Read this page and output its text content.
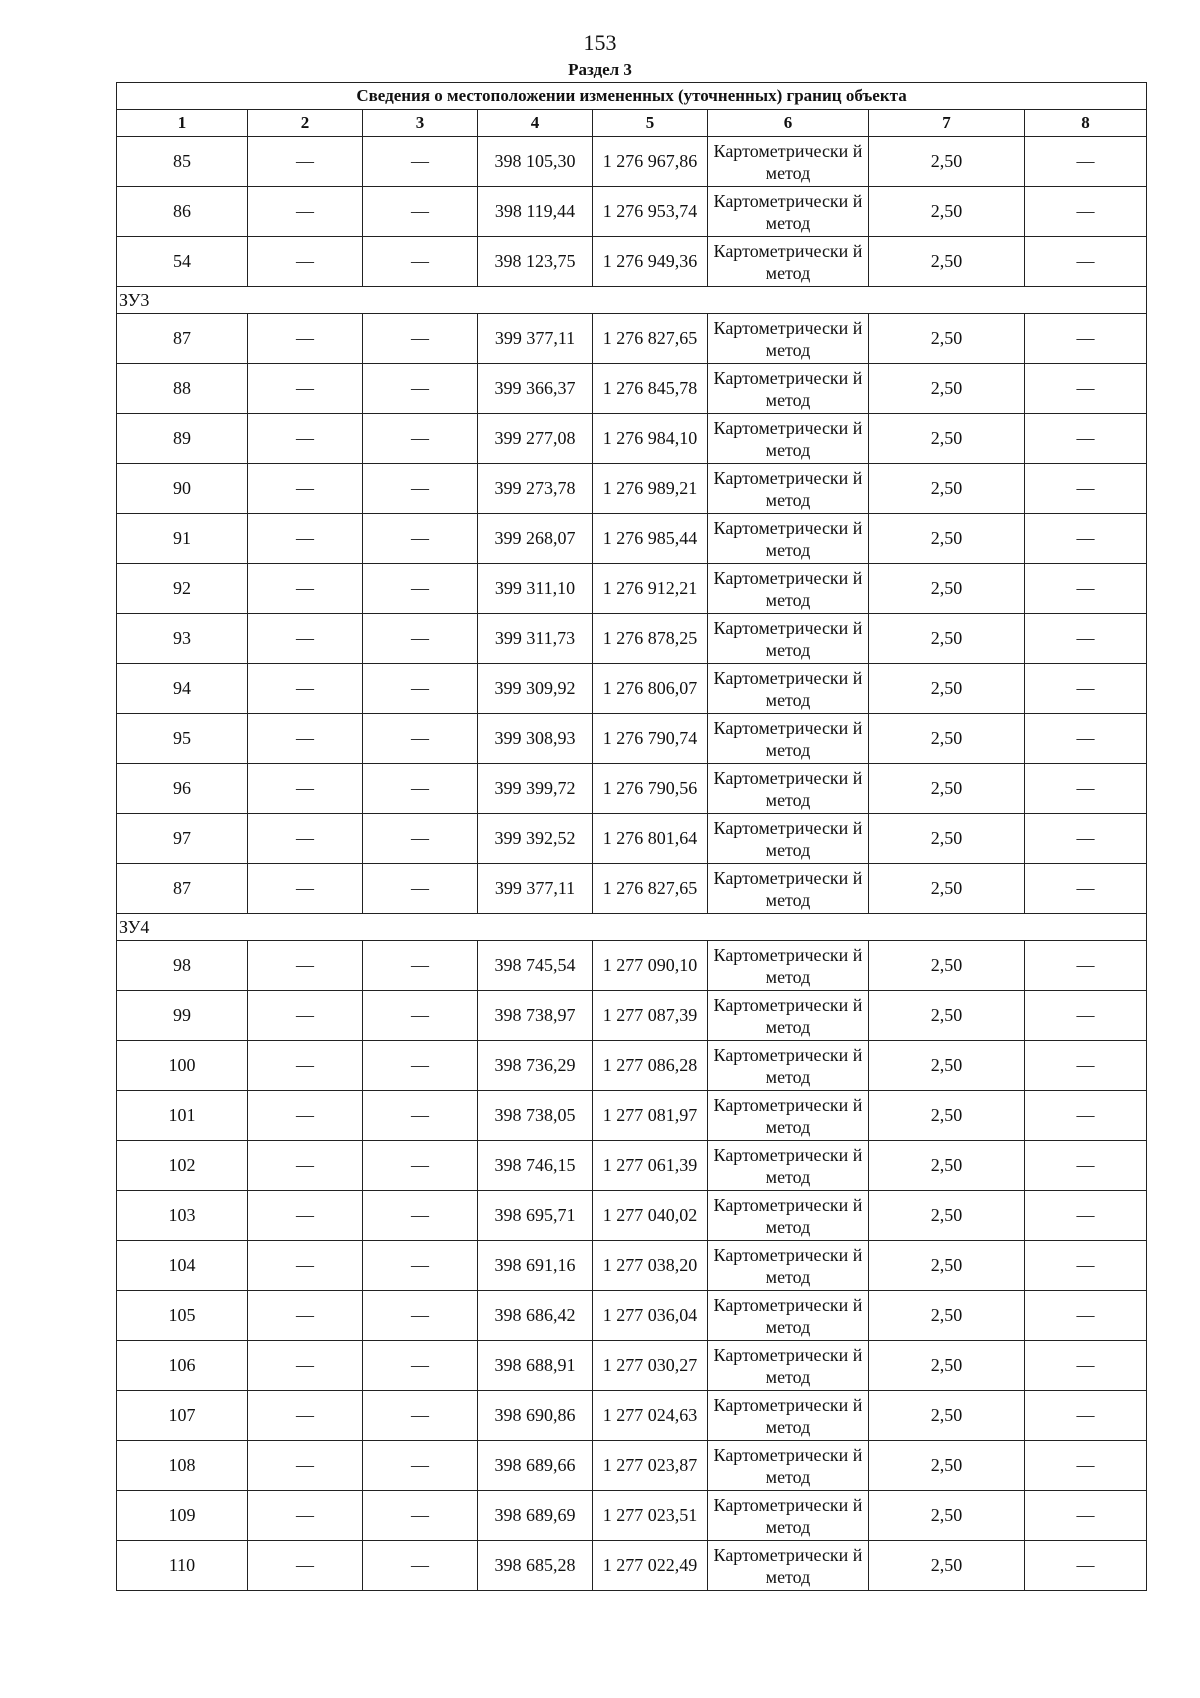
153
Раздел 3
Сведения о местоположении измененных (уточненных) границ объекта							
1	2	3	4	5	6	7	8
85	—	—	398 105,30	1 276 967,86	Картометрически й метод	2,50	—
86	—	—	398 119,44	1 276 953,74	Картометрически й метод	2,50	—
54	—	—	398 123,75	1 276 949,36	Картометрически й метод	2,50	—
ЗУ3							
87	—	—	399 377,11	1 276 827,65	Картометрически й метод	2,50	—
88	—	—	399 366,37	1 276 845,78	Картометрически й метод	2,50	—
89	—	—	399 277,08	1 276 984,10	Картометрически й метод	2,50	—
90	—	—	399 273,78	1 276 989,21	Картометрически й метод	2,50	—
91	—	—	399 268,07	1 276 985,44	Картометрически й метод	2,50	—
92	—	—	399 311,10	1 276 912,21	Картометрически й метод	2,50	—
93	—	—	399 311,73	1 276 878,25	Картометрически й метод	2,50	—
94	—	—	399 309,92	1 276 806,07	Картометрически й метод	2,50	—
95	—	—	399 308,93	1 276 790,74	Картометрически й метод	2,50	—
96	—	—	399 399,72	1 276 790,56	Картометрически й метод	2,50	—
97	—	—	399 392,52	1 276 801,64	Картометрически й метод	2,50	—
87	—	—	399 377,11	1 276 827,65	Картометрически й метод	2,50	—
ЗУ4							
98	—	—	398 745,54	1 277 090,10	Картометрически й метод	2,50	—
99	—	—	398 738,97	1 277 087,39	Картометрически й метод	2,50	—
100	—	—	398 736,29	1 277 086,28	Картометрически й метод	2,50	—
101	—	—	398 738,05	1 277 081,97	Картометрически й метод	2,50	—
102	—	—	398 746,15	1 277 061,39	Картометрически й метод	2,50	—
103	—	—	398 695,71	1 277 040,02	Картометрически й метод	2,50	—
104	—	—	398 691,16	1 277 038,20	Картометрически й метод	2,50	—
105	—	—	398 686,42	1 277 036,04	Картометрически й метод	2,50	—
106	—	—	398 688,91	1 277 030,27	Картометрически й метод	2,50	—
107	—	—	398 690,86	1 277 024,63	Картометрически й метод	2,50	—
108	—	—	398 689,66	1 277 023,87	Картометрически й метод	2,50	—
109	—	—	398 689,69	1 277 023,51	Картометрически й метод	2,50	—
110	—	—	398 685,28	1 277 022,49	Картометрически й метод	2,50	—
